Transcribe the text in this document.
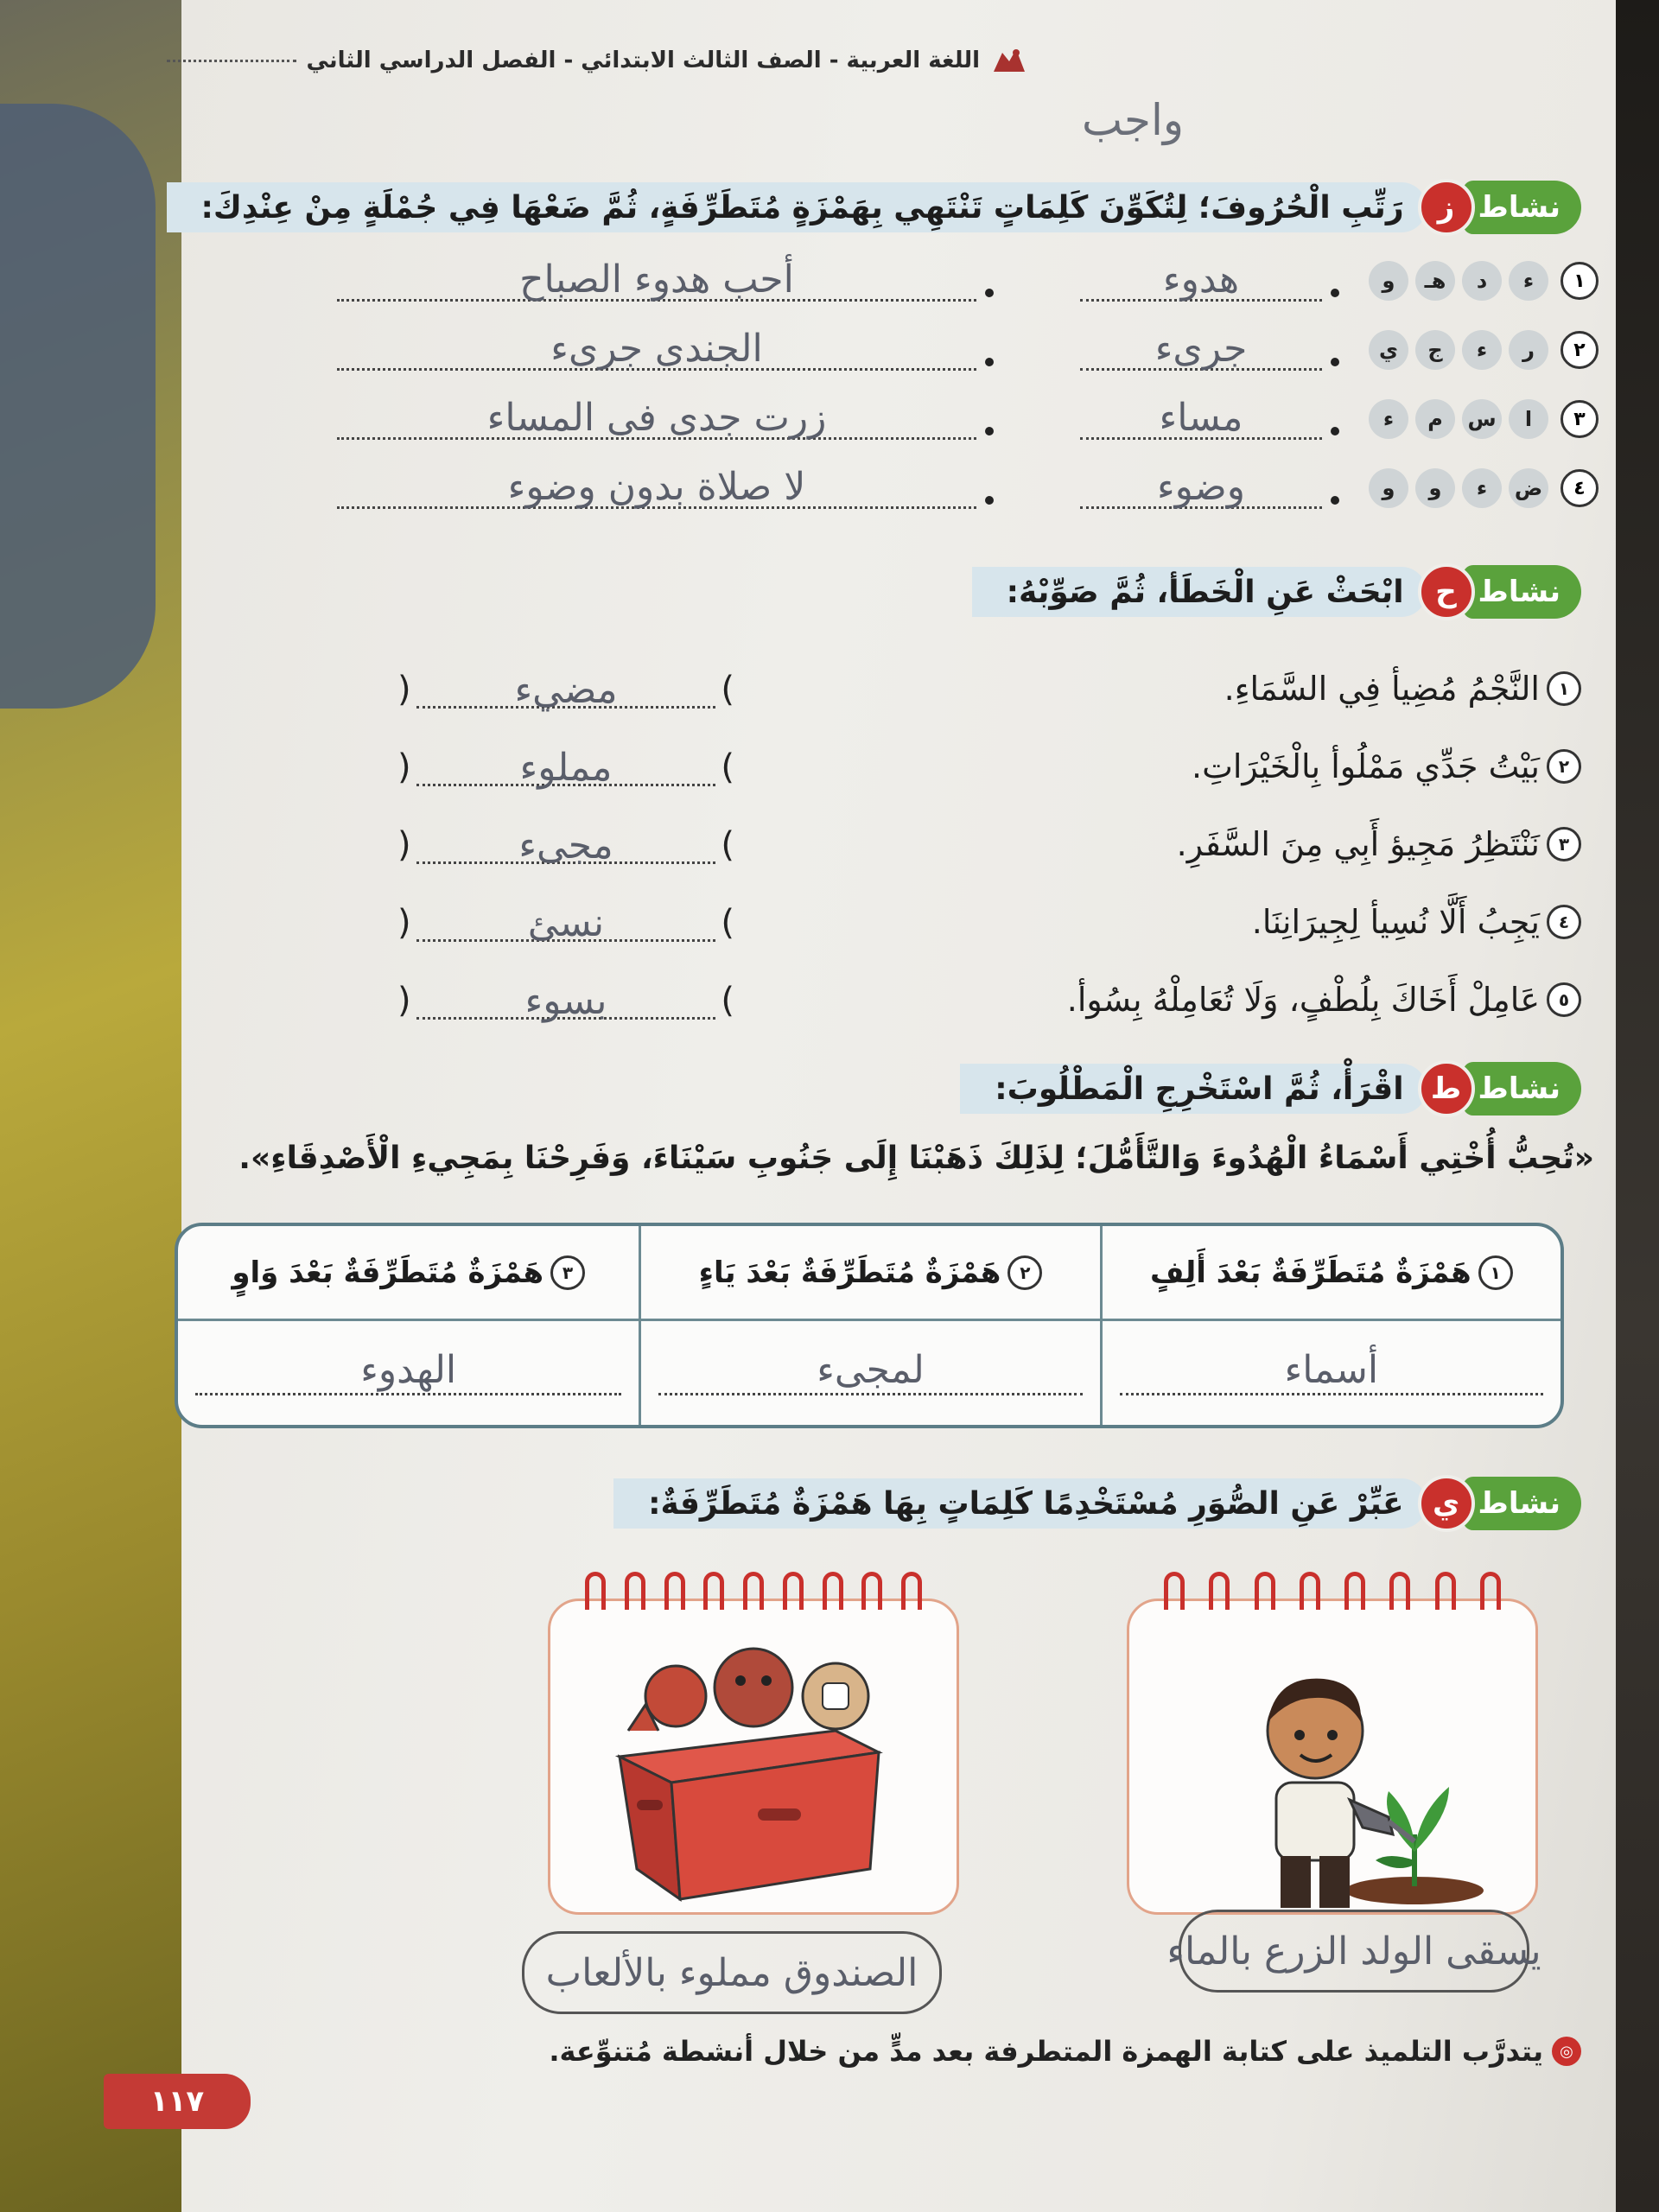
اللغة العربية - الصف الثالث الابتدائي - الفصل الدراسي الثاني
واجب
نشاط
ز
رَتِّبِ الْحُرُوفَ؛ لِتُكَوِّنَ كَلِمَاتٍ تَنْتَهِي بِهَمْزَةٍ مُتَطَرِّفَةٍ، ثُمَّ ضَعْهَا فِي جُمْلَةٍ مِنْ عِنْدِكَ:
١
ء
د
هـ
و
هدوء
أحب هدوء الصباح
٢
ر
ء
ج
ي
جرىء
الجندى جرىء
٣
ا
س
م
ء
مساء
زرت جدى فى المساء
٤
ض
ء
و
و
وضوء
لا صلاة بدون وضوء
نشاط
ح
ابْحَثْ عَنِ الْخَطَأ، ثُمَّ صَوِّبْهُ:
١
النَّجْمُ مُضِيأ فِي السَّمَاءِ.
)
مضيء
(
٢
بَيْتُ جَدِّي مَمْلُوأ بِالْخَيْرَاتِ.
)
مملوء
(
٣
نَنْتَظِرُ مَجِيؤ أَبِي مِنَ السَّفَرِ.
)
مجىء
(
٤
يَجِبُ أَلَّا نُسِيأ لِجِيرَانِنَا.
)
نسئ
(
٥
عَامِلْ أَخَاكَ بِلُطْفٍ، وَلَا تُعَامِلْهُ بِسُوأ.
)
بسوء
(
نشاط
ط
اقْرَأْ، ثُمَّ اسْتَخْرِجِ الْمَطْلُوبَ:
«تُحِبُّ أُخْتِي أَسْمَاءُ الْهُدُوءَ وَالتَّأَمُّلَ؛ لِذَلِكَ ذَهَبْنَا إِلَى جَنُوبِ سَيْنَاءَ، وَفَرِحْنَا بِمَجِيءِ الْأَصْدِقَاءِ».
١
هَمْزَةٌ مُتَطَرِّفَةٌ بَعْدَ أَلِفٍ
٢
هَمْزَةٌ مُتَطَرِّفَةٌ بَعْدَ يَاءٍ
٣
هَمْزَةٌ مُتَطَرِّفَةٌ بَعْدَ وَاوٍ
أسماء
لمجىء
الهدوء
نشاط
ي
عَبِّرْ عَنِ الصُّوَرِ مُسْتَخْدِمًا كَلِمَاتٍ بِهَا هَمْزَةٌ مُتَطَرِّفَةٌ:
يسقى الولد الزرع بالماء
الصندوق مملوء بالألعاب
◎
يتدرَّب التلميذ على كتابة الهمزة المتطرفة بعد مدٍّ من خلال أنشطة مُتنوِّعة.
١١٧
